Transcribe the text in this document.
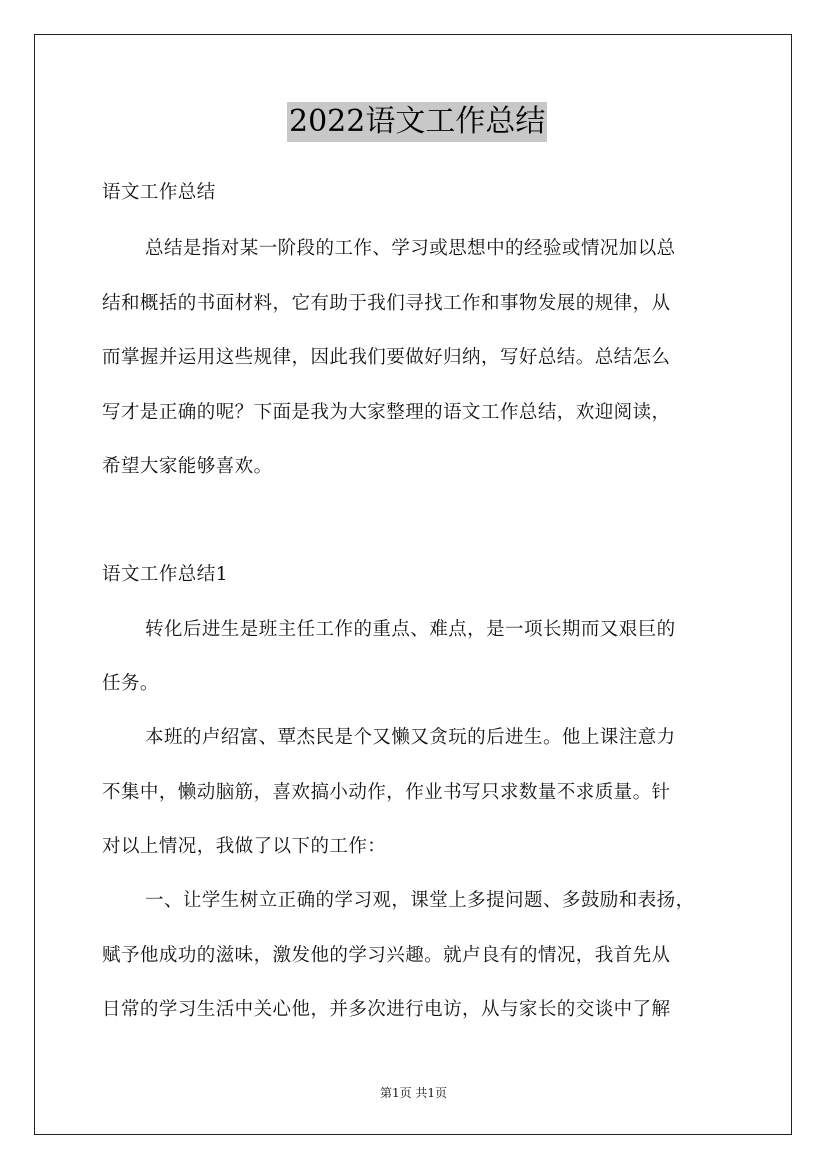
2022语文工作总结
语文工作总结
总结是指对某一阶段的工作、学习或思想中的经验或情况加以总
结和概括的书面材料，它有助于我们寻找工作和事物发展的规律，从
而掌握并运用这些规律，因此我们要做好归纳，写好总结。总结怎么
写才是正确的呢？下面是我为大家整理的语文工作总结，欢迎阅读，
希望大家能够喜欢。
语文工作总结1
转化后进生是班主任工作的重点、难点，是一项长期而又艰巨的
任务。
本班的卢绍富、覃杰民是个又懒又贪玩的后进生。他上课注意力
不集中，懒动脑筋，喜欢搞小动作，作业书写只求数量不求质量。针
对以上情况，我做了以下的工作：
一、让学生树立正确的学习观，课堂上多提问题、多鼓励和表扬，
赋予他成功的滋味，激发他的学习兴趣。就卢良有的情况，我首先从
日常的学习生活中关心他，并多次进行电访，从与家长的交谈中了解
第1页 共1页
